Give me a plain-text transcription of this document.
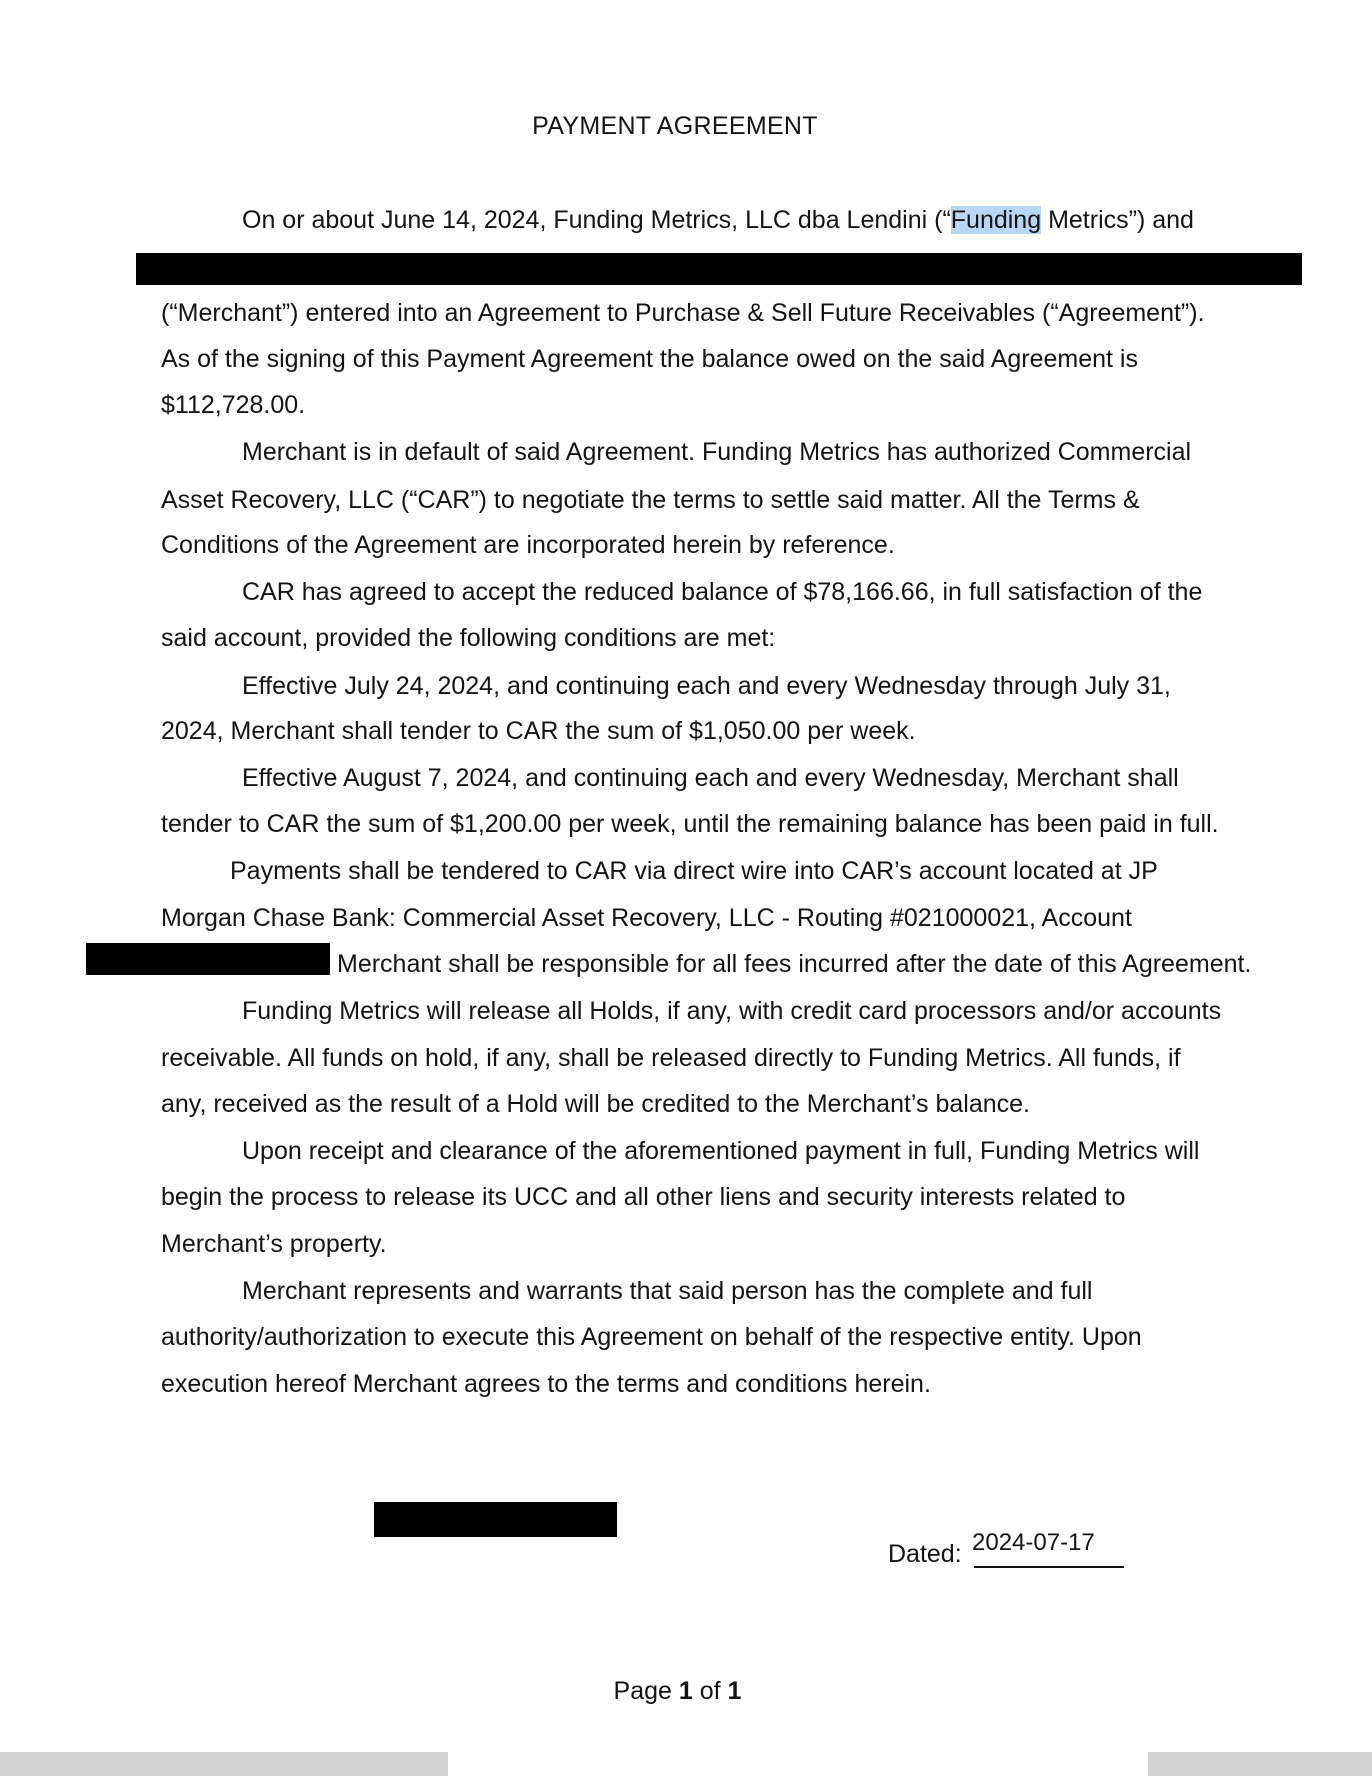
PAYMENT AGREEMENT
On or about June 14, 2024, Funding Metrics, LLC dba Lendini (“Funding Metrics”) and
(“Merchant”) entered into an Agreement to Purchase & Sell Future Receivables (“Agreement”).
As of the signing of this Payment Agreement the balance owed on the said Agreement is
$112,728.00.
Merchant is in default of said Agreement. Funding Metrics has authorized Commercial
Asset Recovery, LLC (“CAR”) to negotiate the terms to settle said matter. All the Terms &
Conditions of the Agreement are incorporated herein by reference.
CAR has agreed to accept the reduced balance of $78,166.66, in full satisfaction of the
said account, provided the following conditions are met:
Effective July 24, 2024, and continuing each and every Wednesday through July 31,
2024, Merchant shall tender to CAR the sum of $1,050.00 per week.
Effective August 7, 2024, and continuing each and every Wednesday, Merchant shall
tender to CAR the sum of $1,200.00 per week, until the remaining balance has been paid in full.
Payments shall be tendered to CAR via direct wire into CAR’s account located at JP
Morgan Chase Bank: Commercial Asset Recovery, LLC - Routing #021000021, Account
Merchant shall be responsible for all fees incurred after the date of this Agreement.
Funding Metrics will release all Holds, if any, with credit card processors and/or accounts
receivable. All funds on hold, if any, shall be released directly to Funding Metrics. All funds, if
any, received as the result of a Hold will be credited to the Merchant’s balance.
Upon receipt and clearance of the aforementioned payment in full, Funding Metrics will
begin the process to release its UCC and all other liens and security interests related to
Merchant’s property.
Merchant represents and warrants that said person has the complete and full
authority/authorization to execute this Agreement on behalf of the respective entity. Upon
execution hereof Merchant agrees to the terms and conditions herein.
Dated: 2024-07-17
Page 1 of 1
